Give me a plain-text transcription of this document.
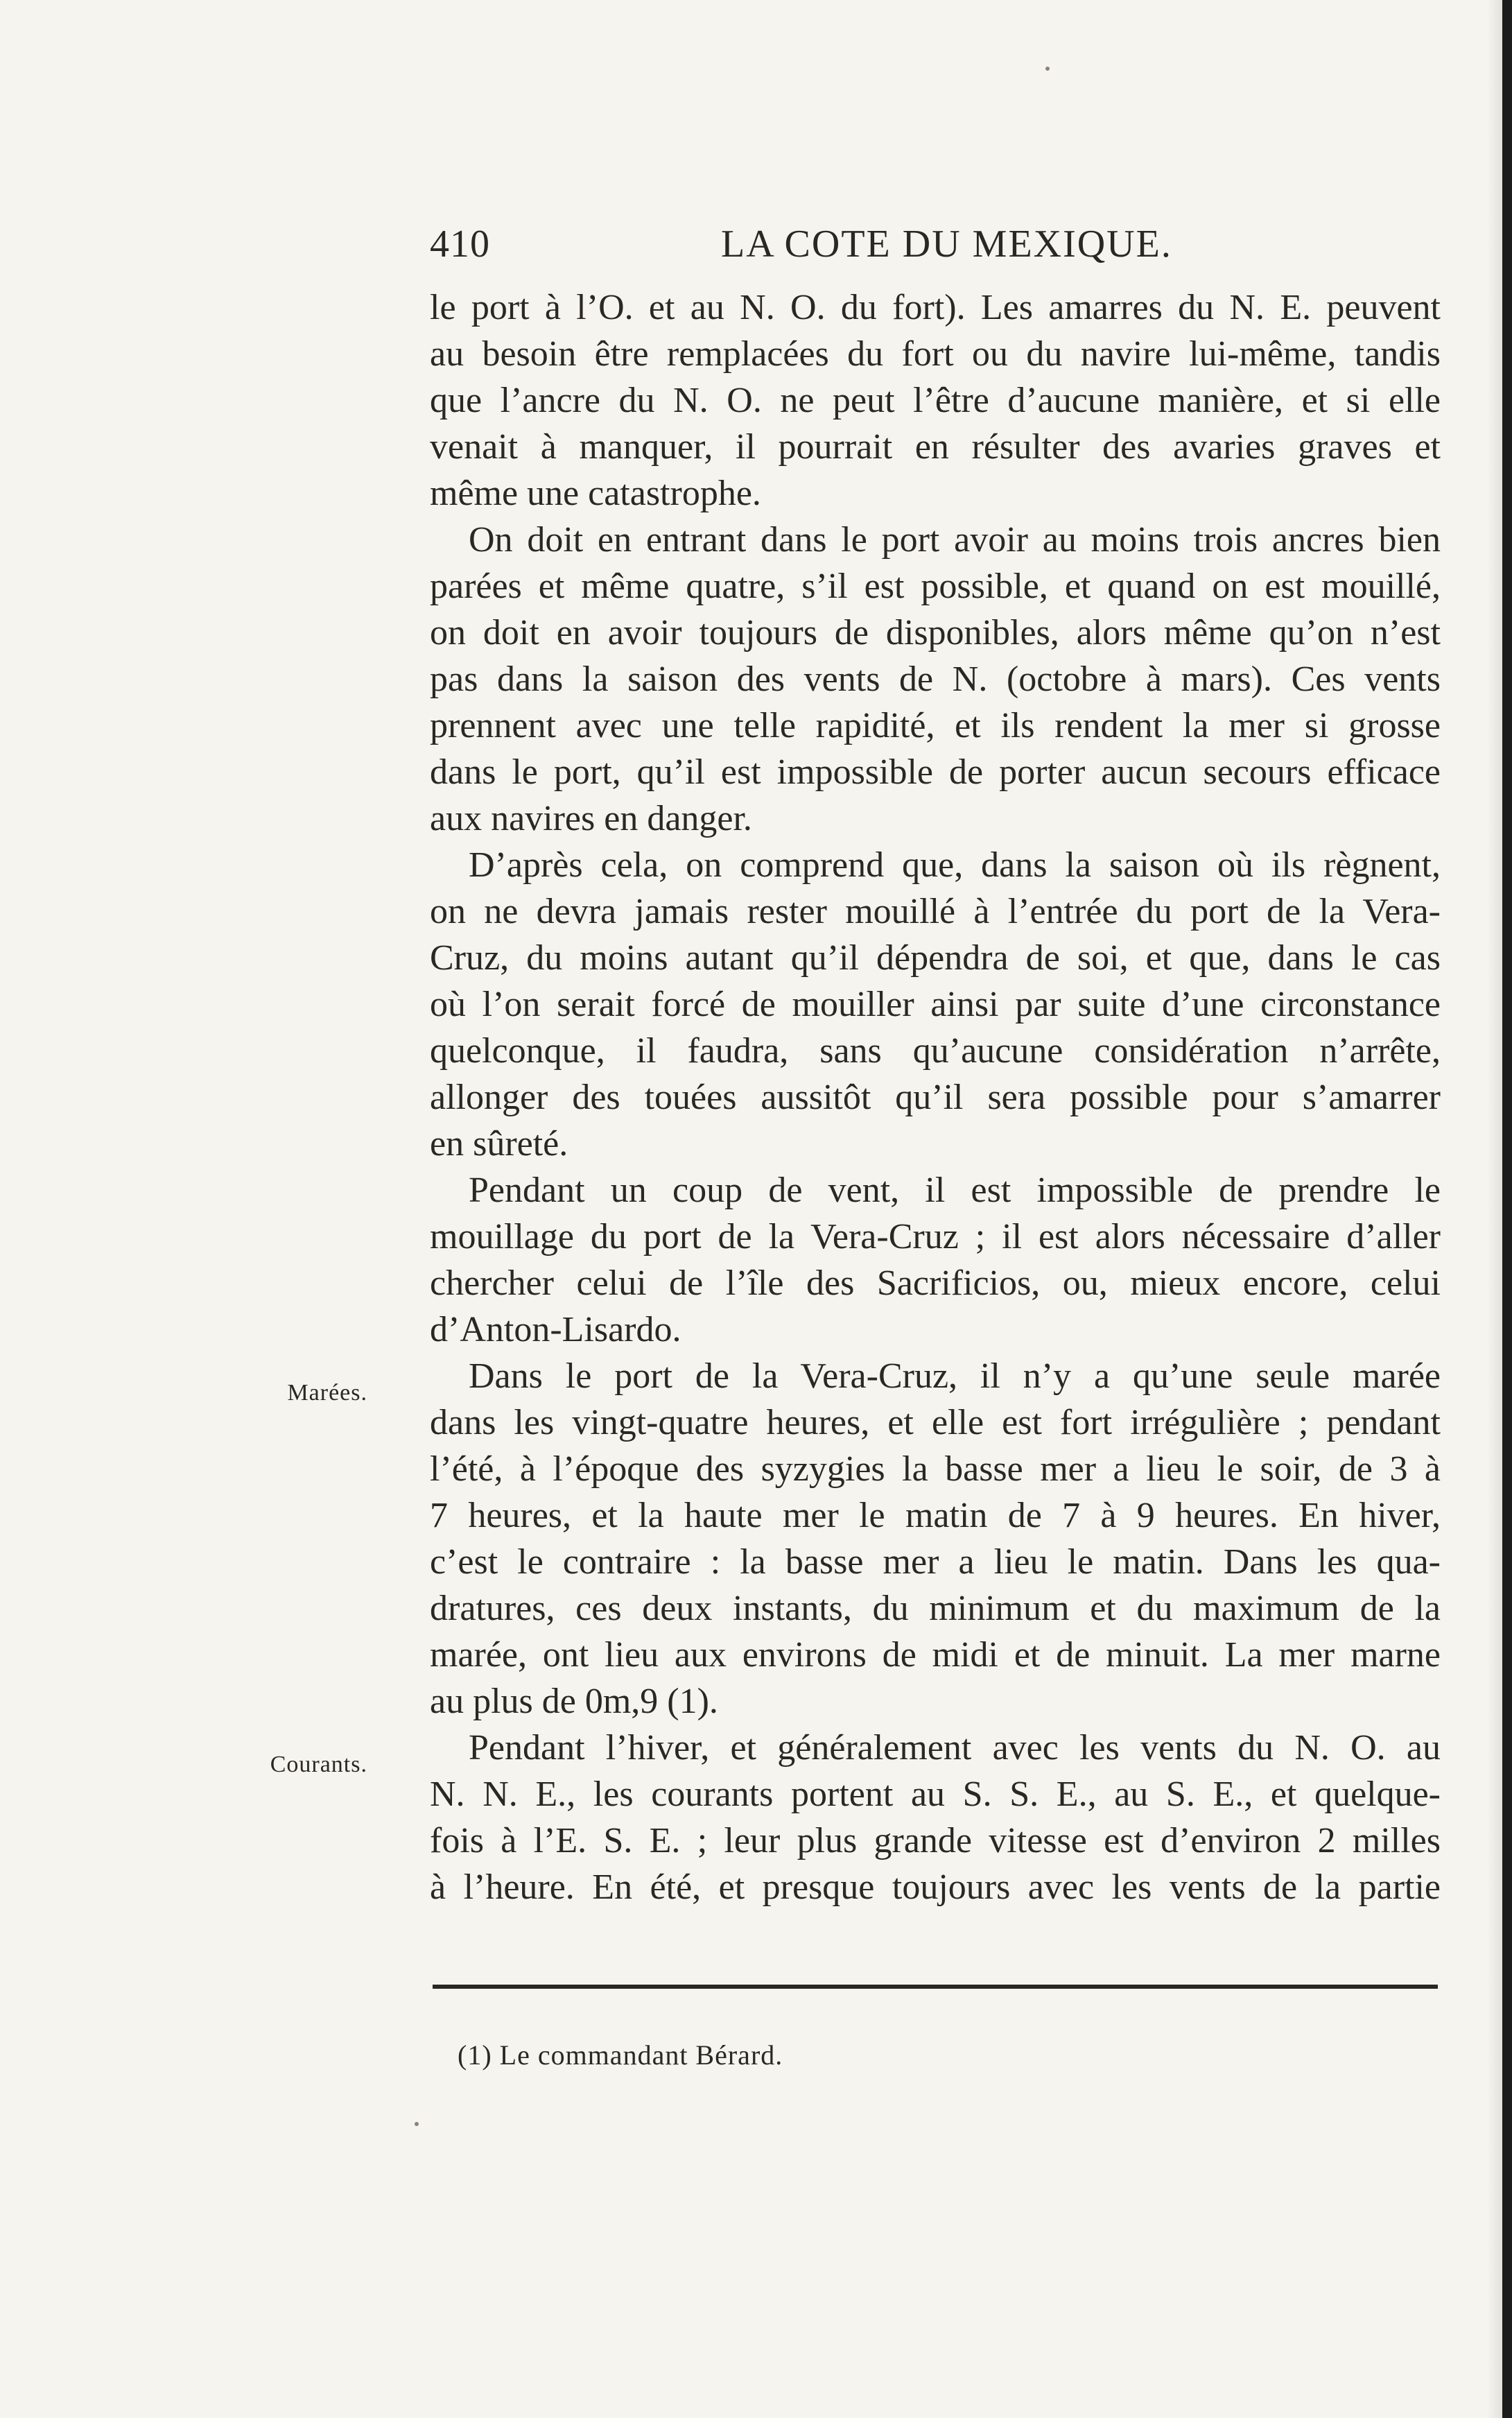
410	LA COTE DU MEXIQUE.
Marées.
Courants.
le port à l’O. et au N. O. du fort). Les amarres du N. E. peuvent
au besoin être remplacées du fort ou du navire lui-même, tandis
que l’ancre du N. O. ne peut l’être d’aucune manière, et si elle
venait à manquer, il pourrait en résulter des avaries graves et
même une catastrophe.
On doit en entrant dans le port avoir au moins trois ancres bien
parées et même quatre, s’il est possible, et quand on est mouillé,
on doit en avoir toujours de disponibles, alors même qu’on n’est
pas dans la saison des vents de N. (octobre à mars). Ces vents
prennent avec une telle rapidité, et ils rendent la mer si grosse
dans le port, qu’il est impossible de porter aucun secours efficace
aux navires en danger.
D’après cela, on comprend que, dans la saison où ils règnent,
on ne devra jamais rester mouillé à l’entrée du port de la Vera-
Cruz, du moins autant qu’il dépendra de soi, et que, dans le cas
où l’on serait forcé de mouiller ainsi par suite d’une circonstance
quelconque, il faudra, sans qu’aucune considération n’arrête,
allonger des touées aussitôt qu’il sera possible pour s’amarrer
en sûreté.
Pendant un coup de vent, il est impossible de prendre le
mouillage du port de la Vera-Cruz ; il est alors nécessaire d’aller
chercher celui de l’île des Sacrificios, ou, mieux encore, celui
d’Anton-Lisardo.
Dans le port de la Vera-Cruz, il n’y a qu’une seule marée
dans les vingt-quatre heures, et elle est fort irrégulière ; pendant
l’été, à l’époque des syzygies la basse mer a lieu le soir, de 3 à
7 heures, et la haute mer le matin de 7 à 9 heures. En hiver,
c’est le contraire : la basse mer a lieu le matin. Dans les qua-
dratures, ces deux instants, du minimum et du maximum de la
marée, ont lieu aux environs de midi et de minuit. La mer marne
au plus de 0m,9 (1).
Pendant l’hiver, et généralement avec les vents du N. O. au
N. N. E., les courants portent au S. S. E., au S. E., et quelque-
fois à l’E. S. E. ; leur plus grande vitesse est d’environ 2 milles
à l’heure. En été, et presque toujours avec les vents de la partie
(1) Le commandant Bérard.
